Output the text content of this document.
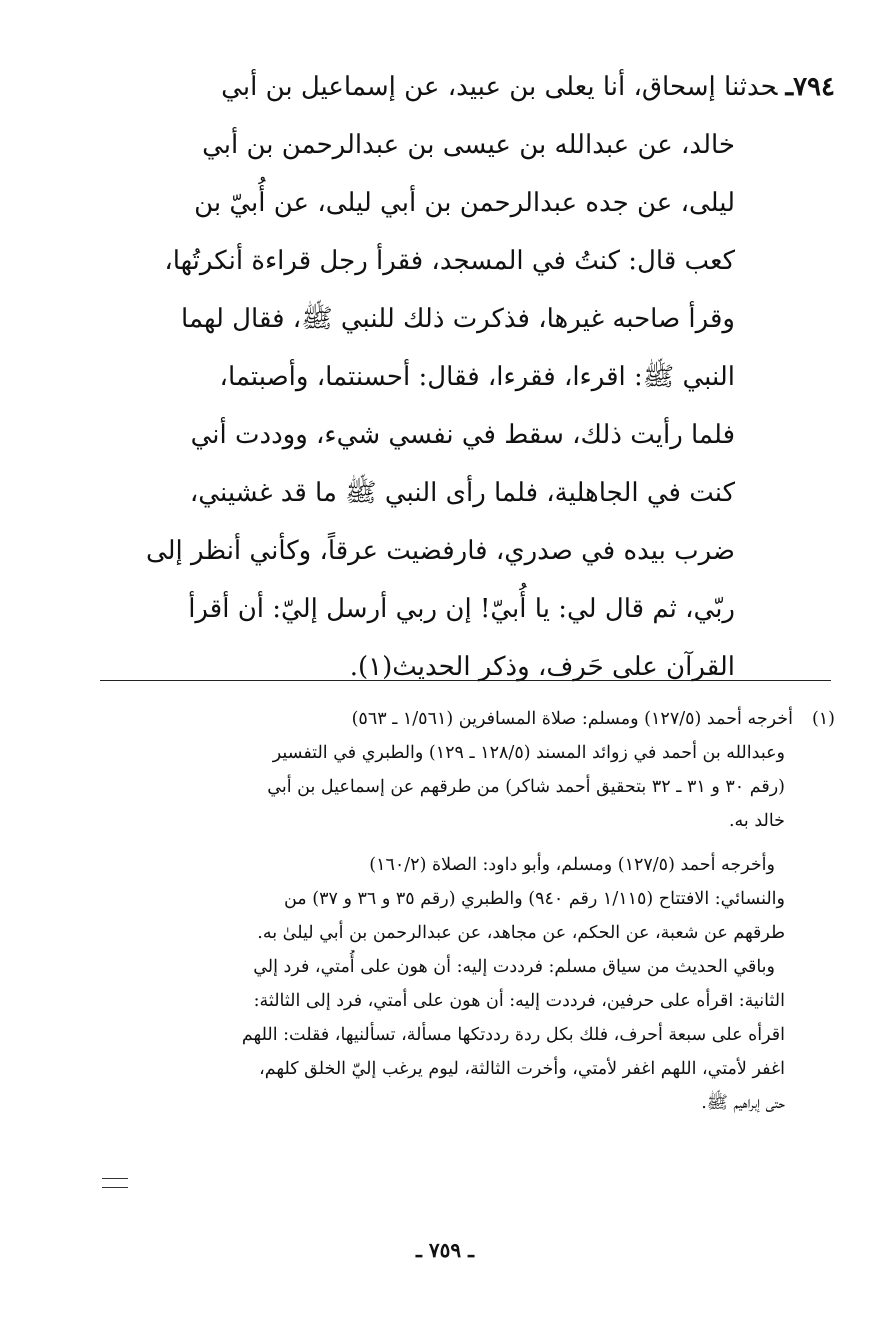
٧٩٤ـحدثنا إسحاق، أنا يعلى بن عبيد، عن إسماعيل بن أبي
خالد، عن عبدالله بن عيسى بن عبدالرحمن بن أبي
ليلى، عن جده عبدالرحمن بن أبي ليلى، عن أُبيّ بن
كعب قال: كنتُ في المسجد، فقرأ رجل قراءة أنكرتُها،
وقرأ صاحبه غيرها، فذكرت ذلك للنبي ﷺ، فقال لهما
النبي ﷺ: اقرءا، فقرءا، فقال: أحسنتما، وأصبتما،
فلما رأيت ذلك، سقط في نفسي شيء، ووددت أني
كنت في الجاهلية، فلما رأى النبي ﷺ ما قد غشيني،
ضرب بيده في صدري، فارفضيت عرقاً، وكأني أنظر إلى
ربّي، ثم قال لي: يا أُبيّ! إن ربي أرسل إليّ: أن أقرأ
القرآن على حَرف، وذكر الحديث(١).
(١)أخرجه أحمد (١٢٧/٥) ومسلم: صلاة المسافرين (١/٥٦١ ـ ٥٦٣)
وعبدالله بن أحمد في زوائد المسند (١٢٨/٥ ـ ١٢٩) والطبري في التفسير
(رقم ٣٠ و ٣١ ـ ٣٢ بتحقيق أحمد شاكر) من طرقهم عن إسماعيل بن أبي
خالد به.
وأخرجه أحمد (١٢٧/٥) ومسلم، وأبو داود: الصلاة (١٦٠/٢)
والنسائي: الافتتاح (١/١١٥ رقم ٩٤٠) والطبري (رقم ٣٥ و ٣٦ و ٣٧) من
طرقهم عن شعبة، عن الحكم، عن مجاهد، عن عبدالرحمن بن أبي ليلىٰ به.
وباقي الحديث من سياق مسلم: فرددت إليه: أن هون على أُمتي، فرد إلي
الثانية: اقرأه على حرفين، فرددت إليه: أن هون على أمتي، فرد إلى الثالثة:
اقرأه على سبعة أحرف، فلك بكل ردة رددتكها مسألة، تسألنيها، فقلت: اللهم
اغفر لأمتي، اللهم اغفر لأمتي، وأخرت الثالثة، ليوم يرغب إليّ الخلق كلهم،
حتى إبراهيم ﷺ.
ـ ٧٥٩ ـ
